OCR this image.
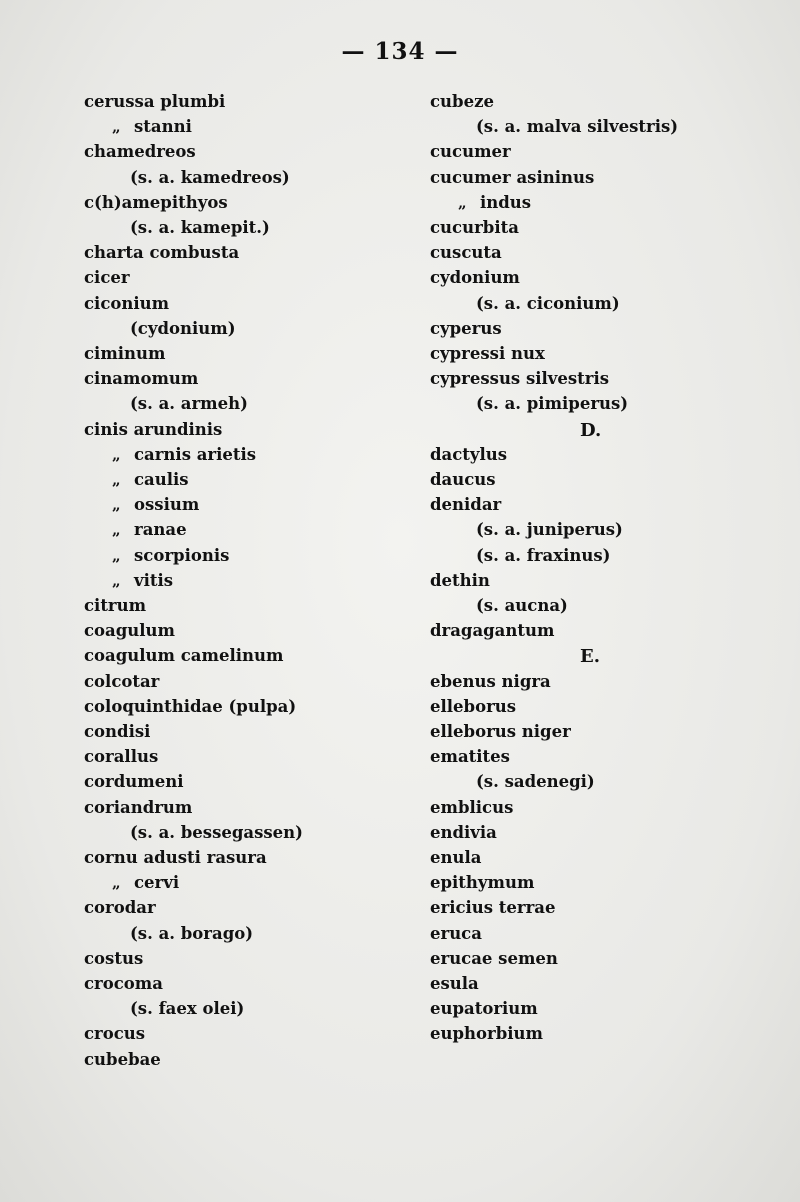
— 134 —
cerussa plumbi
„ stanni
chamedreos
(s. a. kamedreos)
c(h)amepithyos
(s. a. kamepit.)
charta combusta
cicer
ciconium
(cydonium)
ciminum
cinamomum
(s. a. armeh)
cinis arundinis
„ carnis arietis
„ caulis
„ ossium
„ ranae
„ scorpionis
„ vitis
citrum
coagulum
coagulum camelinum
colcotar
coloquinthidae (pulpa)
condisi
corallus
cordumeni
coriandrum
(s. a. bessegassen)
cornu adusti rasura
„ cervi
corodar
(s. a. borago)
costus
crocoma
(s. faex olei)
crocus
cubebae
cubeze
(s. a. malva silvestris)
cucumer
cucumer asininus
„ indus
cucurbita
cuscuta
cydonium
(s. a. ciconium)
cyperus
cypressi nux
cypressus silvestris
(s. a. pimiperus)
D.
dactylus
daucus
denidar
(s. a. juniperus)
(s. a. fraxinus)
dethin
(s. aucna)
dragagantum
E.
ebenus nigra
elleborus
elleborus niger
ematites
(s. sadenegi)
emblicus
endivia
enula
epithymum
ericius terrae
eruca
erucae semen
esula
eupatorium
euphorbium
